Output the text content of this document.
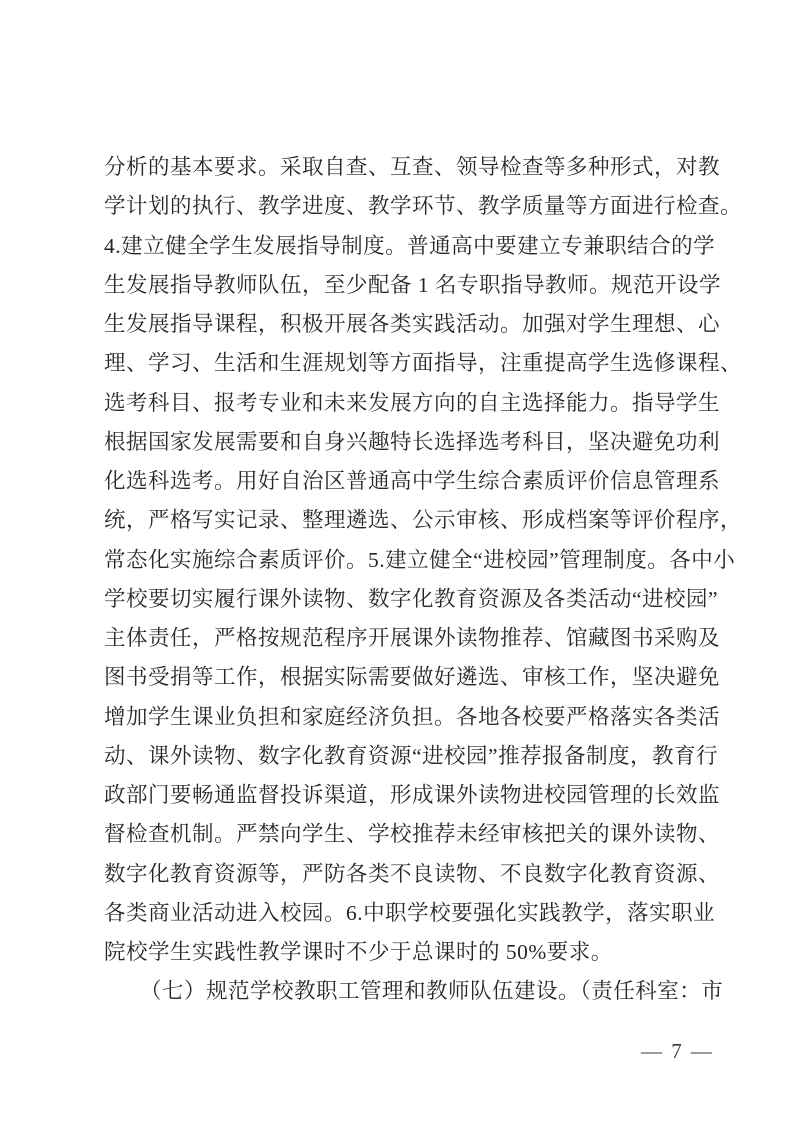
分析的基本要求。采取自查、互查、领导检查等多种形式，对教
学计划的执行、教学进度、教学环节、教学质量等方面进行检查。
4.建立健全学生发展指导制度。普通高中要建立专兼职结合的学
生发展指导教师队伍，至少配备 1 名专职指导教师。规范开设学
生发展指导课程，积极开展各类实践活动。加强对学生理想、心
理、学习、生活和生涯规划等方面指导，注重提高学生选修课程、
选考科目、报考专业和未来发展方向的自主选择能力。指导学生
根据国家发展需要和自身兴趣特长选择选考科目，坚决避免功利
化选科选考。用好自治区普通高中学生综合素质评价信息管理系
统，严格写实记录、整理遴选、公示审核、形成档案等评价程序，
常态化实施综合素质评价。5.建立健全“进校园”管理制度。各中小
学校要切实履行课外读物、数字化教育资源及各类活动“进校园”
主体责任，严格按规范程序开展课外读物推荐、馆藏图书采购及
图书受捐等工作，根据实际需要做好遴选、审核工作，坚决避免
增加学生课业负担和家庭经济负担。各地各校要严格落实各类活
动、课外读物、数字化教育资源“进校园”推荐报备制度，教育行
政部门要畅通监督投诉渠道，形成课外读物进校园管理的长效监
督检查机制。严禁向学生、学校推荐未经审核把关的课外读物、
数字化教育资源等，严防各类不良读物、不良数字化教育资源、
各类商业活动进入校园。6.中职学校要强化实践教学，落实职业
院校学生实践性教学课时不少于总课时的 50%要求。
（七）规范学校教职工管理和教师队伍建设。（责任科室：市
— 7 —
